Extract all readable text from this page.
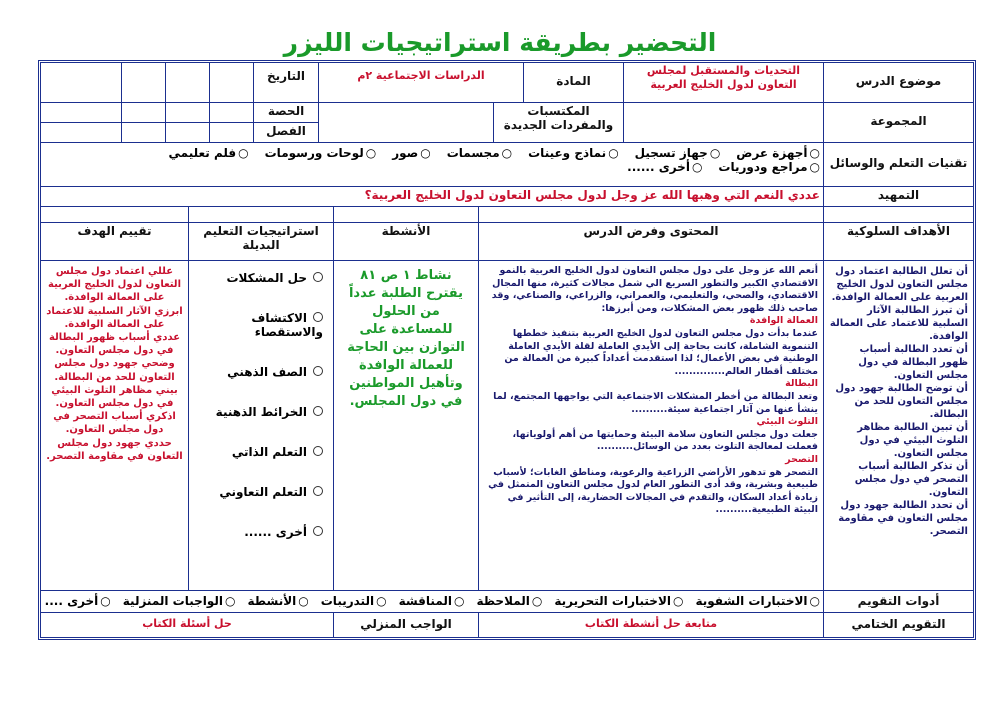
التحضير بطريقة استراتيجيات الليزر
موضوع الدرس
التحديات والمستقبل لمجلس التعاون لدول الخليج العربية
المادة
الدراسات الاجتماعية ٢م
التاريخ
المجموعة
المكتسبات والمفردات الجديدة
الحصة
الفصل
تقنيات التعلم والوسائل
○ أجهزة عرض
○ جهاز تسجيل
○ نماذج وعينات
○ مجسمات
○ صور
○ لوحات ورسومات
○ فلم تعليمي
○ مراجع ودوريات
○ أخرى ......
التمهيد
عددي النعم التي وهبها الله عز وجل لدول مجلس التعاون لدول الخليج العربية؟
الأهداف السلوكية
المحتوى وفرض الدرس
الأنشطة
استراتيجيات التعليم البديلة
تقييم الهدف
أن تعلل الطالبة اعتماد دول مجلس التعاون لدول الخليج العربية على العمالة الوافدة.
أن تبرز الطالبة الآثار السلبية للاعتماد على العمالة الوافدة.
أن تعدد الطالبة أسباب ظهور البطالة في دول مجلس التعاون.
أن توضح الطالبة جهود دول مجلس التعاون للحد من البطالة.
أن تبين الطالبة مظاهر التلوث البيئي في دول مجلس التعاون.
أن تذكر الطالبة أسباب التصحر في دول مجلس التعاون.
أن تحدد الطالبة جهود دول مجلس التعاون في مقاومة التصحر.
أنعم الله عز وجل على دول مجلس التعاون لدول الخليج العربية بالنمو الاقتصادي الكبير والتطور السريع الي شمل مجالات كثيرة، منها المجال الاقتصادي، والصحي، والتعليمي، والعمراني، والزراعي، والصناعي، وقد صاحب ذلك ظهور بعض المشكلات، ومن أبرزها:
العمالة الوافدة
عندما بدأت دول مجلس التعاون لدول الخليج العربية بتنفيذ خططها التنموية الشاملة، كانت بحاجة إلى الأيدي العاملة لقلة الأيدي العاملة الوطنية في بعض الأعمال؛ لذا استقدمت أعداداً كبيرة من العمالة من مختلف أقطار العالم..............
البطالة
وتعد البطالة من أخطر المشكلات الاجتماعية التي يواجهها المجتمع، لما ينشأ عنها من آثار اجتماعية سيئة..........
التلوث البيئي
جعلت دول مجلس التعاون سلامة البيئة وحمايتها من أهم أولوياتها، فعملت لمعالجة التلوث بعدد من الوسائل..........
التصحر
التصحر هو تدهور الأراضي الزراعية والرعوية، ومناطق الغابات؛ لأسباب طبيعية وبشرية، وقد أدى التطور العام لدول مجلس التعاون المتمثل في زيادة أعداد السكان، والتقدم في المجالات الحضارية، إلى التأثير في البيئة الطبيعية..........
نشاط ١ ص ٨١
يقترح الطلبة عدداً من الحلول للمساعدة على التوازن بين الحاجة للعمالة الوافدة وتأهيل المواطنين في دول المجلس.
حل المشكلات
الاكتشاف والاستقصاء
الصف الذهني
الخرائط الذهنية
التعلم الذاتي
التعلم التعاوني
أخرى ......
عللي اعتماد دول مجلس التعاون لدول الخليج العربية على العمالة الوافدة.
ابرزي الآثار السلبية للاعتماد على العمالة الوافدة.
عددي أسباب ظهور البطالة في دول مجلس التعاون.
وضحي جهود دول مجلس التعاون للحد من البطالة.
بيني مظاهر التلوث البيئي في دول مجلس التعاون.
اذكري أسباب التصحر في دول مجلس التعاون.
حددي جهود دول مجلس التعاون في مقاومة التصحر.
أدوات التقويم
○ الاختبارات الشفوية
○ الاختبارات التحريرية
○ الملاحظة
○ المناقشة
○ التدريبات
○ الأنشطة
○ الواجبات المنزلية
○ أخرى ....
التقويم الختامي
متابعة حل أنشطة الكتاب
الواجب المنزلي
حل أسئلة الكتاب
